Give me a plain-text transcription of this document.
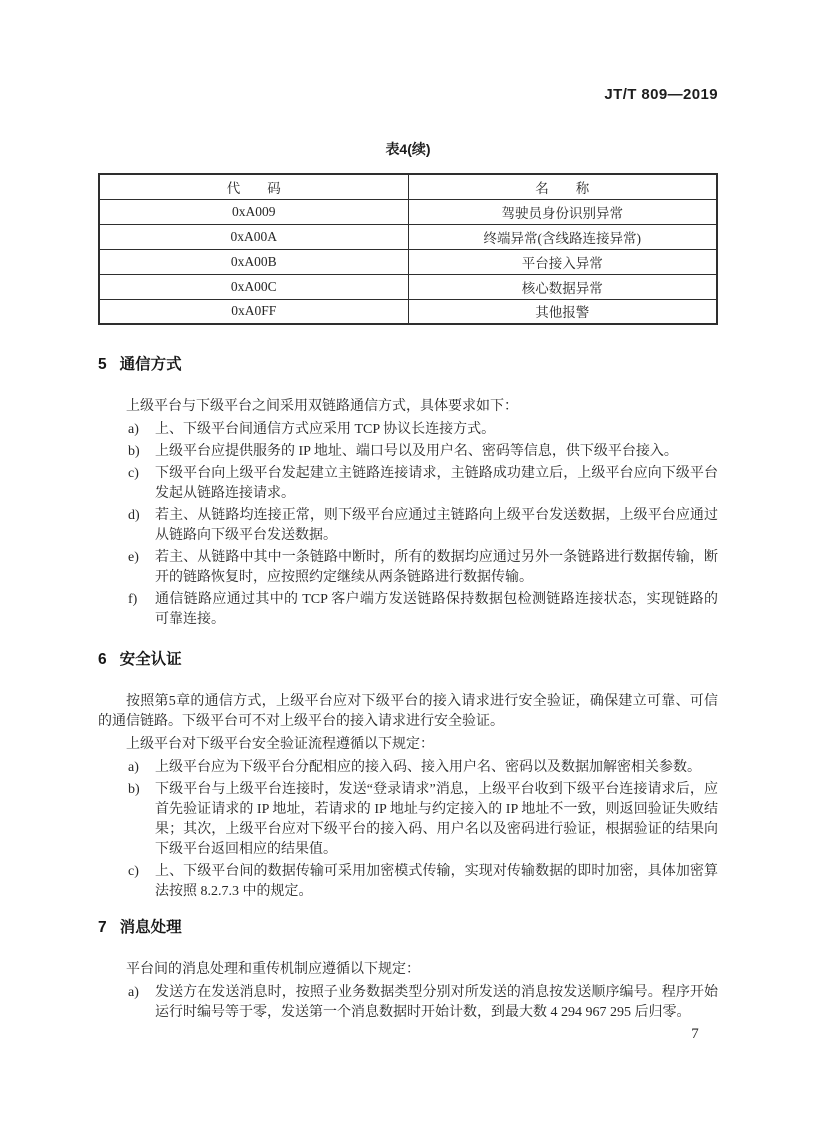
JT/T 809—2019
表4(续)
代　　码	名　　称
0xA009	驾驶员身份识别异常
0xA00A	终端异常(含线路连接异常)
0xA00B	平台接入异常
0xA00C	核心数据异常
0xA0FF	其他报警
5 通信方式

上级平台与下级平台之间采用双链路通信方式，具体要求如下：

a) 上、下级平台间通信方式应采用 TCP 协议长连接方式。
b) 上级平台应提供服务的 IP 地址、端口号以及用户名、密码等信息，供下级平台接入。
c) 下级平台向上级平台发起建立主链路连接请求，主链路成功建立后，上级平台应向下级平台发起从链路连接请求。
d) 若主、从链路均连接正常，则下级平台应通过主链路向上级平台发送数据，上级平台应通过从链路向下级平台发送数据。
e) 若主、从链路中其中一条链路中断时，所有的数据均应通过另外一条链路进行数据传输，断开的链路恢复时，应按照约定继续从两条链路进行数据传输。
f) 通信链路应通过其中的 TCP 客户端方发送链路保持数据包检测链路连接状态，实现链路的可靠连接。
6 安全认证

按照第5章的通信方式，上级平台应对下级平台的接入请求进行安全验证，确保建立可靠、可信的通信链路。下级平台可不对上级平台的接入请求进行安全验证。

上级平台对下级平台安全验证流程遵循以下规定：

a) 上级平台应为下级平台分配相应的接入码、接入用户名、密码以及数据加解密相关参数。
b) 下级平台与上级平台连接时，发送“登录请求”消息，上级平台收到下级平台连接请求后，应首先验证请求的 IP 地址，若请求的 IP 地址与约定接入的 IP 地址不一致，则返回验证失败结果；其次，上级平台应对下级平台的接入码、用户名以及密码进行验证，根据验证的结果向下级平台返回相应的结果值。
c) 上、下级平台间的数据传输可采用加密模式传输，实现对传输数据的即时加密，具体加密算法按照 8.2.7.3 中的规定。
7 消息处理

平台间的消息处理和重传机制应遵循以下规定：

a) 发送方在发送消息时，按照子业务数据类型分别对所发送的消息按发送顺序编号。程序开始运行时编号等于零，发送第一个消息数据时开始计数，到最大数 4 294 967 295 后归零。
7
